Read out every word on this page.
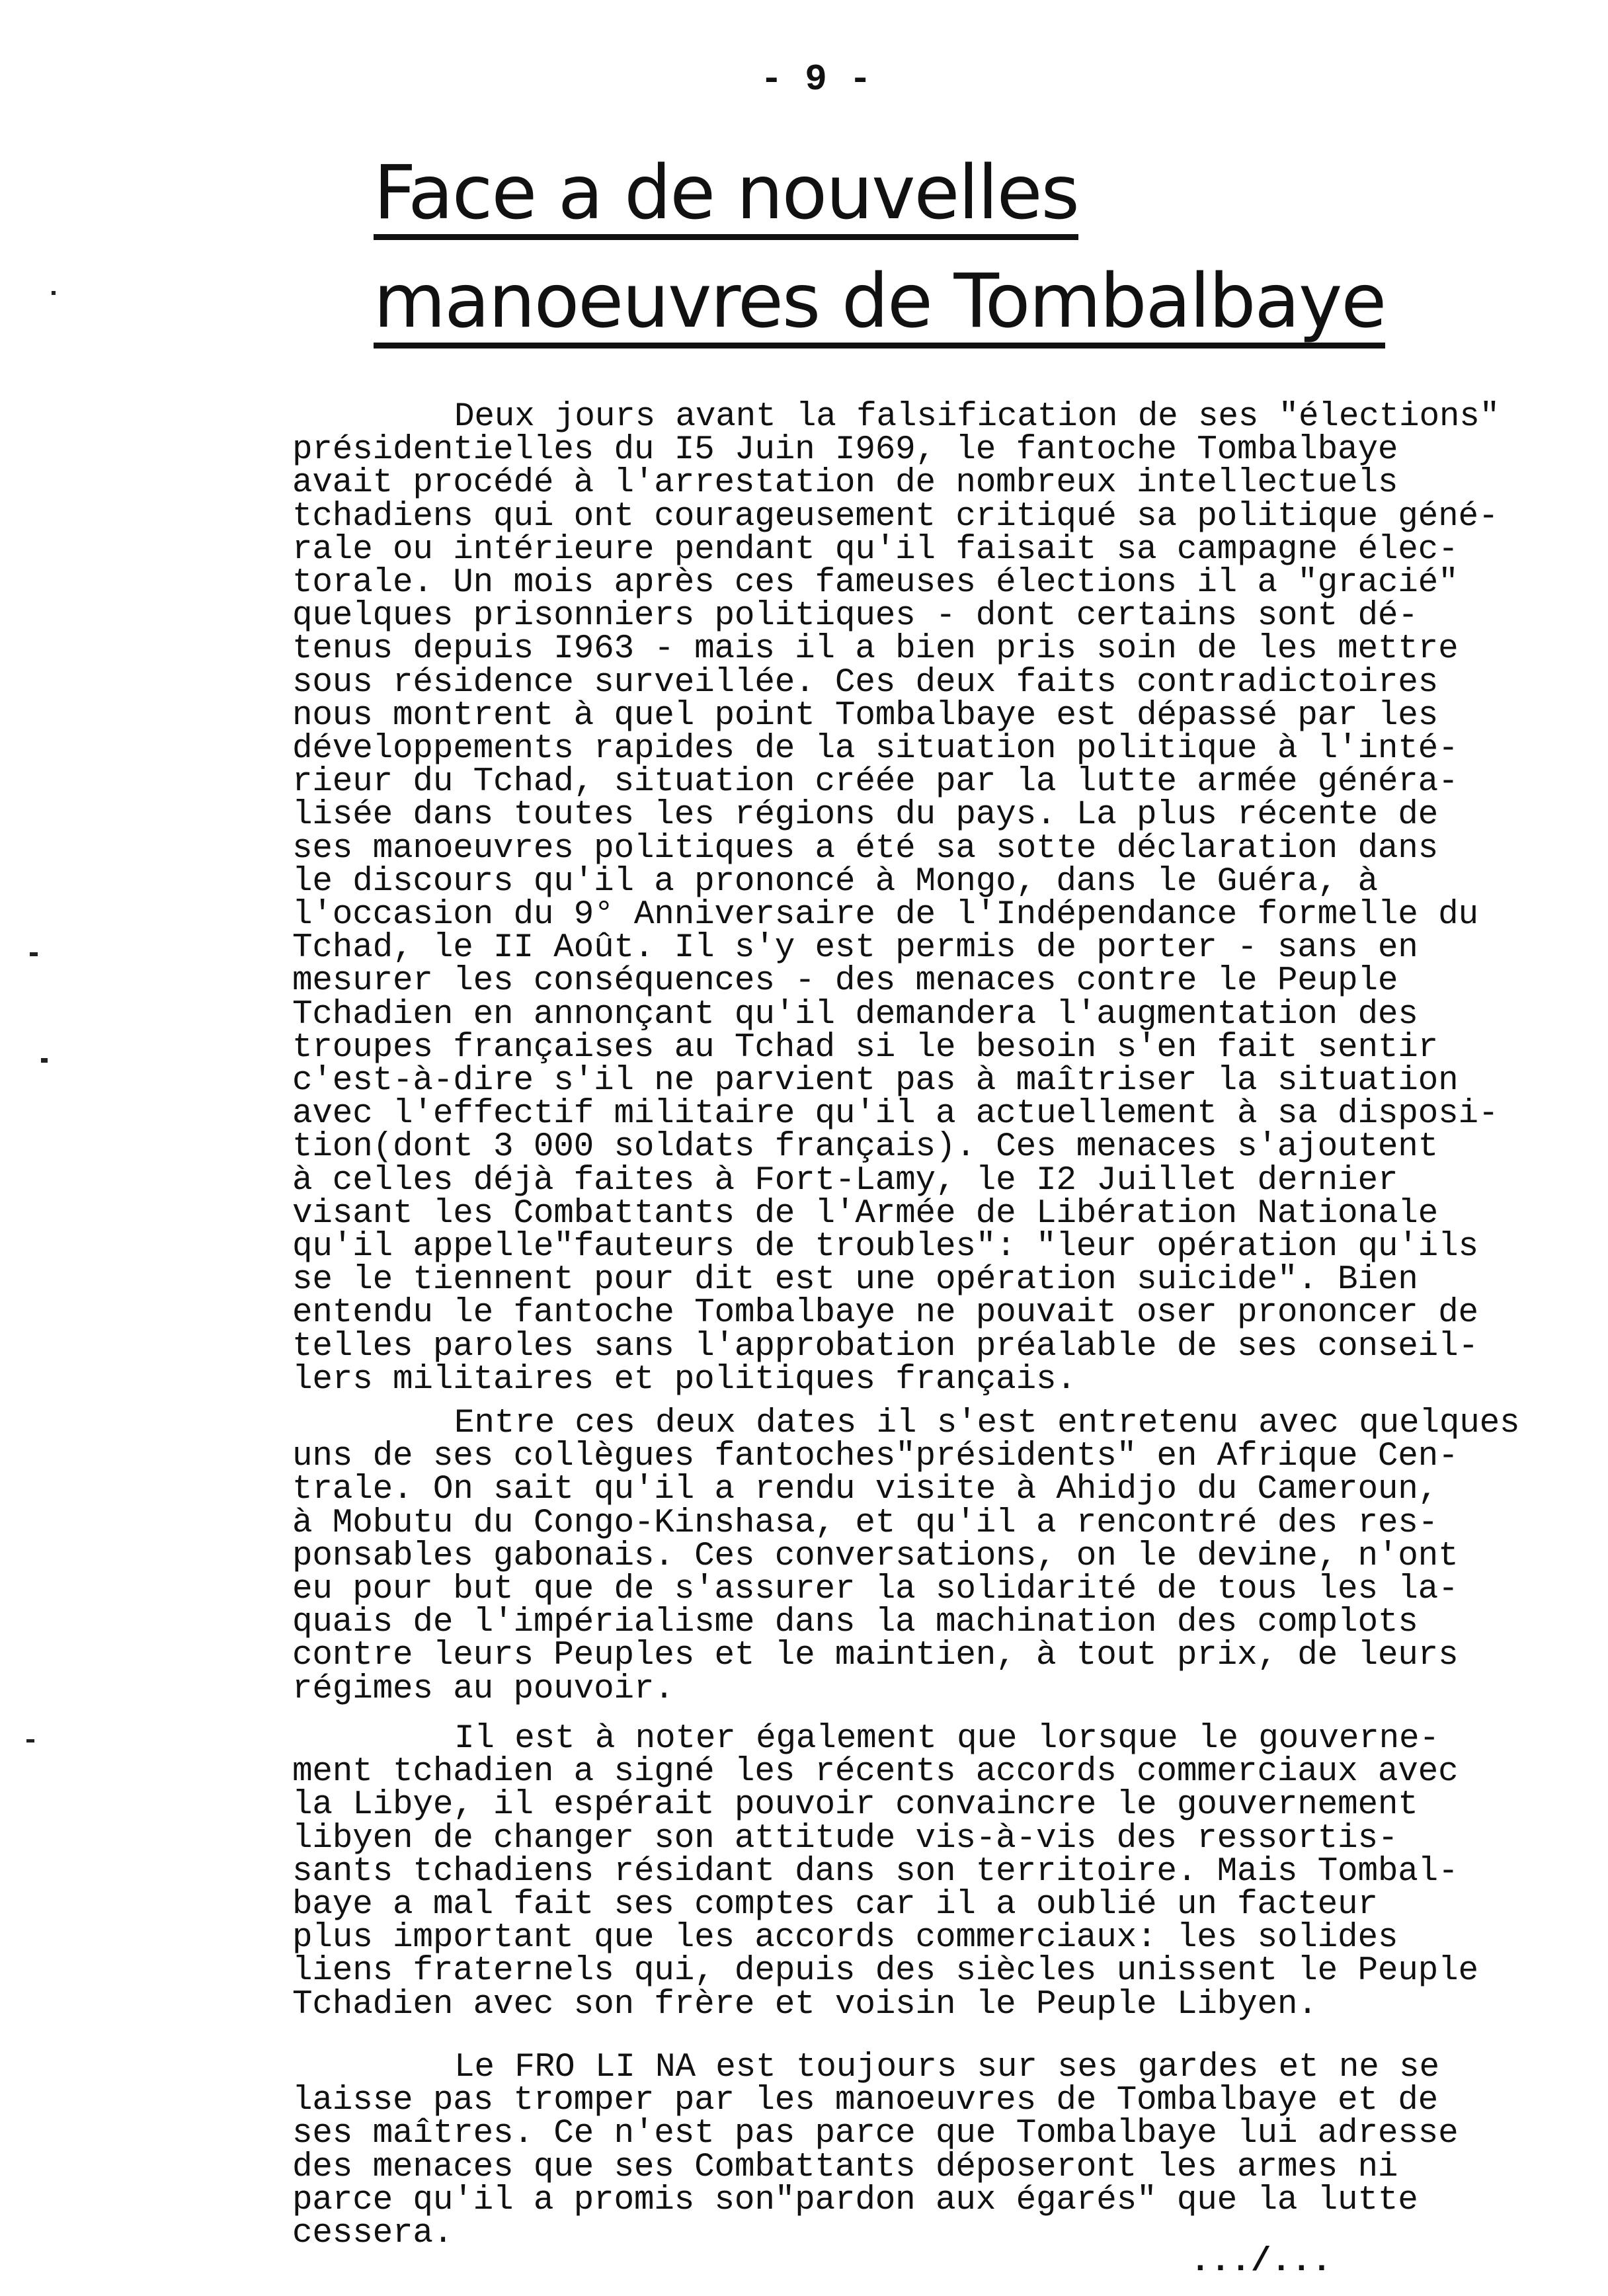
- 9 -
Face a de nouvelles
manoeuvres de Tombalbaye
Deux jours avant la falsification de ses "élections"
présidentielles du I5 Juin I969, le fantoche Tombalbaye
avait procédé à l'arrestation de nombreux intellectuels
tchadiens qui ont courageusement critiqué sa politique géné-
rale ou intérieure pendant qu'il faisait sa campagne élec-
torale. Un mois après ces fameuses élections il a "gracié"
quelques prisonniers politiques - dont certains sont dé-
tenus depuis I963 - mais il a bien pris soin de les mettre
sous résidence surveillée. Ces deux faits contradictoires
nous montrent à quel point Tombalbaye est dépassé par les
développements rapides de la situation politique à l'inté-
rieur du Tchad, situation créée par la lutte armée généra-
lisée dans toutes les régions du pays. La plus récente de
ses manoeuvres politiques a été sa sotte déclaration dans
le discours qu'il a prononcé à Mongo, dans le Guéra, à
l'occasion du 9° Anniversaire de l'Indépendance formelle du
Tchad, le II Août. Il s'y est permis de porter - sans en
mesurer les conséquences - des menaces contre le Peuple
Tchadien en annonçant qu'il demandera l'augmentation des
troupes françaises au Tchad si le besoin s'en fait sentir
c'est-à-dire s'il ne parvient pas à maîtriser la situation
avec l'effectif militaire qu'il a actuellement à sa disposi-
tion(dont 3 000 soldats français). Ces menaces s'ajoutent
à celles déjà faites à Fort-Lamy, le I2 Juillet dernier
visant les Combattants de l'Armée de Libération Nationale
qu'il appelle"fauteurs de troubles": "leur opération qu'ils
se le tiennent pour dit est une opération suicide". Bien
entendu le fantoche Tombalbaye ne pouvait oser prononcer de
telles paroles sans l'approbation préalable de ses conseil-
lers militaires et politiques français.
Entre ces deux dates il s'est entretenu avec quelques
uns de ses collègues fantoches"présidents" en Afrique Cen-
trale. On sait qu'il a rendu visite à Ahidjo du Cameroun,
à Mobutu du Congo-Kinshasa, et qu'il a rencontré des res-
ponsables gabonais. Ces conversations, on le devine, n'ont
eu pour but que de s'assurer la solidarité de tous les la-
quais de l'impérialisme dans la machination des complots
contre leurs Peuples et le maintien, à tout prix, de leurs
régimes au pouvoir.
Il est à noter également que lorsque le gouverne-
ment tchadien a signé les récents accords commerciaux avec
la Libye, il espérait pouvoir convaincre le gouvernement
libyen de changer son attitude vis-à-vis des ressortis-
sants tchadiens résidant dans son territoire. Mais Tombal-
baye a mal fait ses comptes car il a oublié un facteur
plus important que les accords commerciaux: les solides
liens fraternels qui, depuis des siècles unissent le Peuple
Tchadien avec son frère et voisin le Peuple Libyen.
Le FRO LI NA est toujours sur ses gardes et ne se
laisse pas tromper par les manoeuvres de Tombalbaye et de
ses maîtres. Ce n'est pas parce que Tombalbaye lui adresse
des menaces que ses Combattants déposeront les armes ni
parce qu'il a promis son"pardon aux égarés" que la lutte
cessera.
.../...
